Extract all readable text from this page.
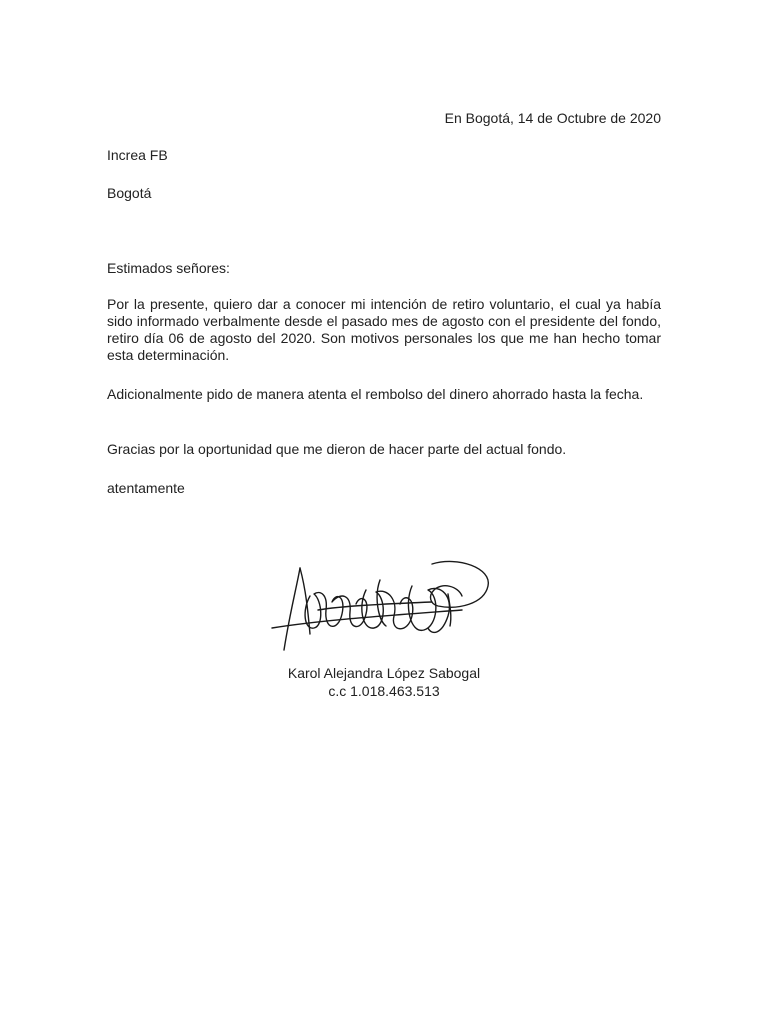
En Bogotá, 14 de Octubre de 2020

Increa FB

Bogotá

Estimados señores:

Por la presente, quiero dar a conocer mi intención de retiro voluntario, el cual ya había sido informado verbalmente desde el pasado mes de agosto con el presidente del fondo, retiro día 06 de agosto del 2020. Son motivos personales los que me han hecho tomar esta determinación.

Adicionalmente pido de manera atenta el rembolso del dinero ahorrado hasta la fecha.

Gracias por la oportunidad que me dieron de hacer parte del actual fondo.

atentamente

Karol Alejandra López Sabogal

c.c 1.018.463.513
